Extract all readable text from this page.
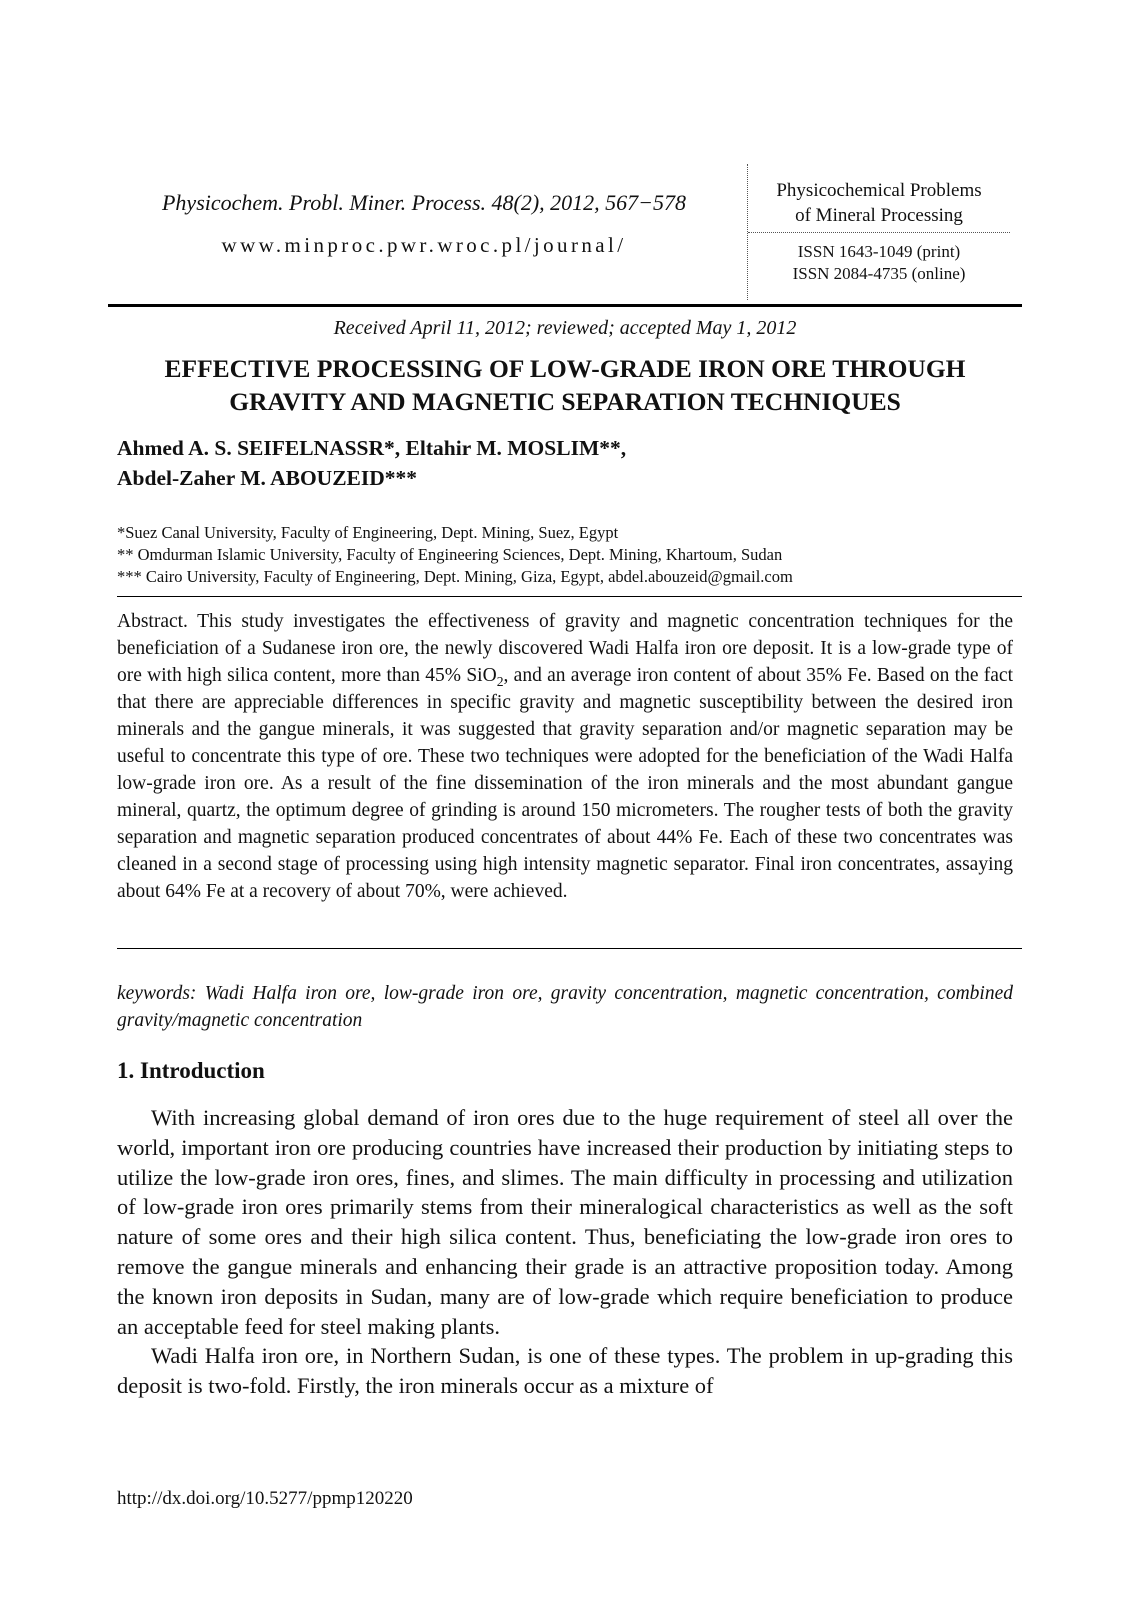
Physicochem. Probl. Miner. Process. 48(2), 2012, 567−578
www.minproc.pwr.wroc.pl/journal/
Physicochemical Problems
of Mineral Processing
ISSN 1643-1049 (print)
ISSN 2084-4735 (online)
Received April 11, 2012; reviewed; accepted May 1, 2012
EFFECTIVE PROCESSING OF LOW-GRADE IRON ORE THROUGH
GRAVITY AND MAGNETIC SEPARATION TECHNIQUES
Ahmed A. S. SEIFELNASSR*, Eltahir M. MOSLIM**,
Abdel-Zaher M. ABOUZEID***
*Suez Canal University, Faculty of Engineering, Dept. Mining, Suez, Egypt
** Omdurman Islamic University, Faculty of Engineering Sciences, Dept. Mining, Khartoum, Sudan
*** Cairo University, Faculty of Engineering, Dept. Mining, Giza, Egypt, abdel.abouzeid@gmail.com
Abstract. This study investigates the effectiveness of gravity and magnetic concentration techniques for the beneficiation of a Sudanese iron ore, the newly discovered Wadi Halfa iron ore deposit. It is a low-grade type of ore with high silica content, more than 45% SiO$_2$, and an average iron content of about 35% Fe. Based on the fact that there are appreciable differences in specific gravity and magnetic susceptibility between the desired iron minerals and the gangue minerals, it was suggested that gravity separation and/or magnetic separation may be useful to concentrate this type of ore. These two techniques were adopted for the beneficiation of the Wadi Halfa low-grade iron ore. As a result of the fine dissemination of the iron minerals and the most abundant gangue mineral, quartz, the optimum degree of grinding is around 150 micrometers. The rougher tests of both the gravity separation and magnetic separation produced concentrates of about 44% Fe. Each of these two concentrates was cleaned in a second stage of processing using high intensity magnetic separator. Final iron concentrates, assaying about 64% Fe at a recovery of about 70%, were achieved.
keywords: Wadi Halfa iron ore, low-grade iron ore, gravity concentration, magnetic concentration, combined gravity/magnetic concentration
1. Introduction

With increasing global demand of iron ores due to the huge requirement of steel all over the world, important iron ore producing countries have increased their production by initiating steps to utilize the low-grade iron ores, fines, and slimes. The main difficulty in processing and utilization of low-grade iron ores primarily stems from their mineralogical characteristics as well as the soft nature of some ores and their high silica content. Thus, beneficiating the low-grade iron ores to remove the gangue minerals and enhancing their grade is an attractive proposition today. Among the known iron deposits in Sudan, many are of low-grade which require beneficiation to produce an acceptable feed for steel making plants.

Wadi Halfa iron ore, in Northern Sudan, is one of these types. The problem in up-grading this deposit is two-fold. Firstly, the iron minerals occur as a mixture of

http://dx.doi.org/10.5277/ppmp120220
